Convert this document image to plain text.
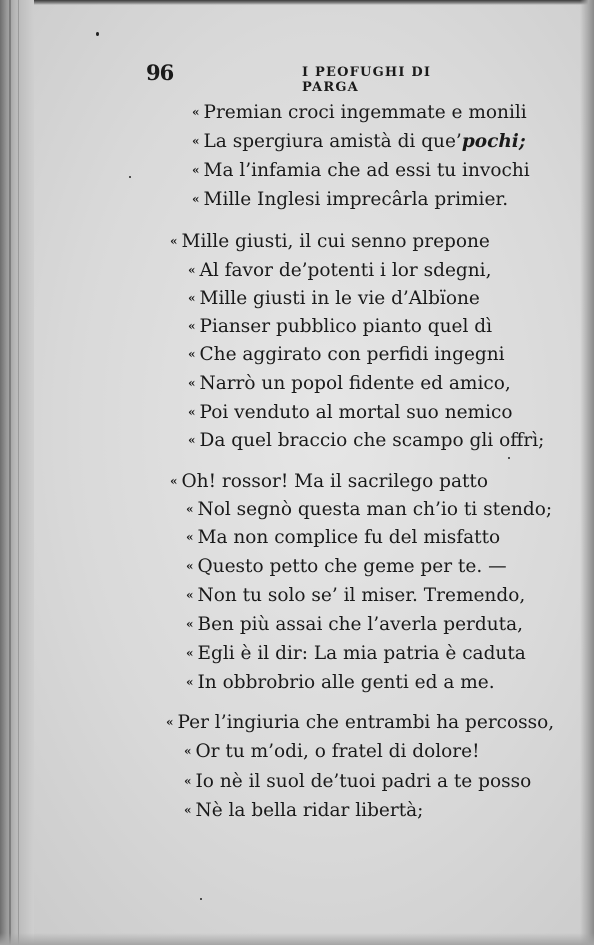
96	I PEOFUGHI DI PARGA
« Premian croci ingemmate e monili
« La spergiura amistà di que’pochi;
« Ma l’infamia che ad essi tu invochi
« Mille Inglesi imprecârla primier.
« Mille giusti, il cui senno prepone
« Al favor de’potenti i lor sdegni,
« Mille giusti in le vie d’Albïone
« Pianser pubblico pianto quel dì
« Che aggirato con perfidi ingegni
« Narrò un popol fidente ed amico,
« Poi venduto al mortal suo nemico
« Da quel braccio che scampo gli offrì;
« Oh! rossor! Ma il sacrilego patto
« Nol segnò questa man ch’io ti stendo;
« Ma non complice fu del misfatto
« Questo petto che geme per te. —
« Non tu solo se’ il miser. Tremendo,
« Ben più assai che l’averla perduta,
« Egli è il dir: La mia patria è caduta
« In obbrobrio alle genti ed a me.
« Per l’ingiuria che entrambi ha percosso,
« Or tu m’odi, o fratel di dolore!
« Io nè il suol de’tuoi padri a te posso
« Nè la bella ridar libertà;
